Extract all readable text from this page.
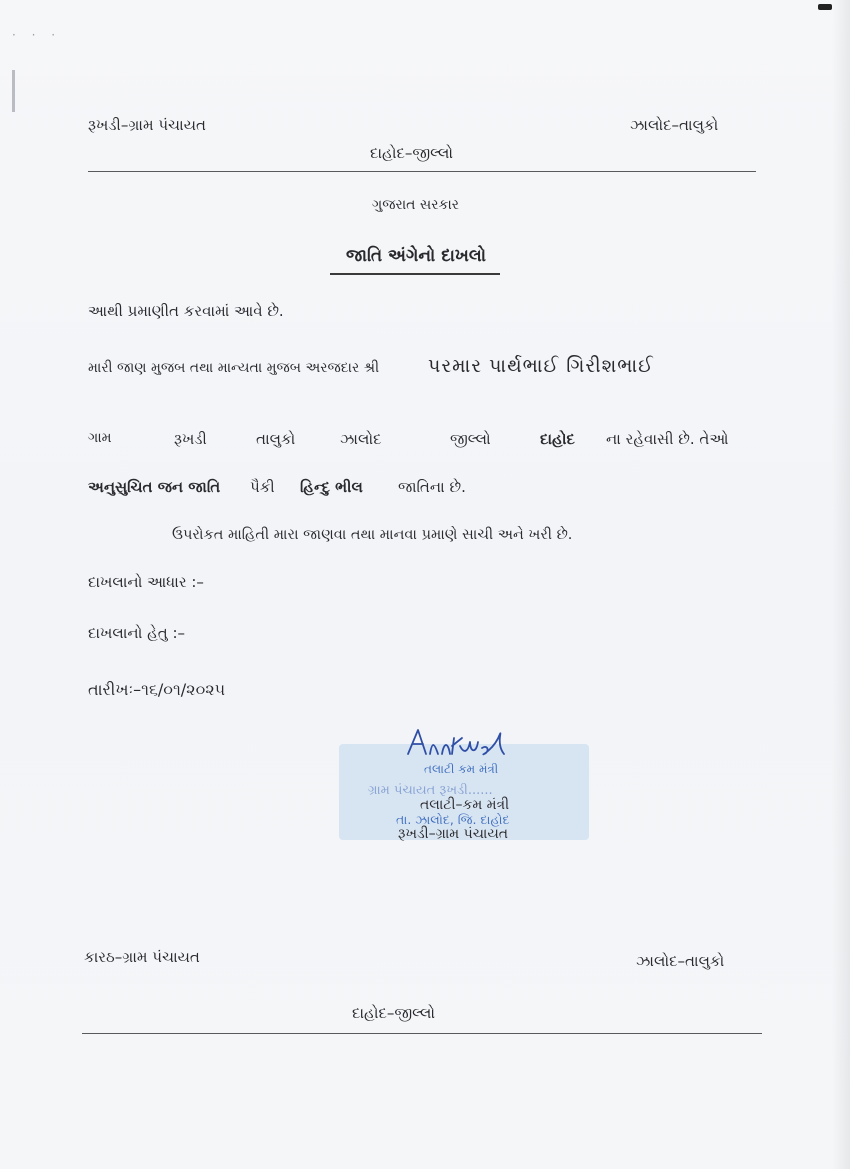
· · ·
રૂખડી–ગ્રામ પંચાયત	ઝાલોદ–તાલુકો
દાહોદ–જીલ્લો
ગુજરાત સરકાર
જાતિ અંગેનો દાખલો
આથી પ્રમાણીત કરવામાં આવે છે.
મારી જાણ મુજબ તથા માન્યતા મુજબ અરજદાર શ્રી	પરમાર પાર્થભાઈ ગિરીશભાઈ
ગામ	રૂખડી	તાલુકો	ઝાલોદ	જીલ્લો	દાહોદ ના રહેવાસી છે. તેઓ
અનુસુચિત જન જાતિ પૈકી હિન્દુ ભીલ જાતિના છે.
ઉપરોકત માહિતી મારા જાણવા તથા માનવા પ્રમાણે સાચી અને ખરી છે.
દાખલાનો આધાર :–
દાખલાનો હેતુ :–
તારીખઃ–૧૬/૦૧/૨૦૨૫
તલાટી કમ મંત્રી
ગ્રામ પંચાયત રૂખડી......
તા. ઝાલોદ, જિ. દાહોદ
તલાટી–કમ મંત્રી
રૂખડી–ગ્રામ પંચાયત
કારઠ–ગ્રામ પંચાયત	ઝાલોદ–તાલુકો
દાહોદ–જીલ્લો
